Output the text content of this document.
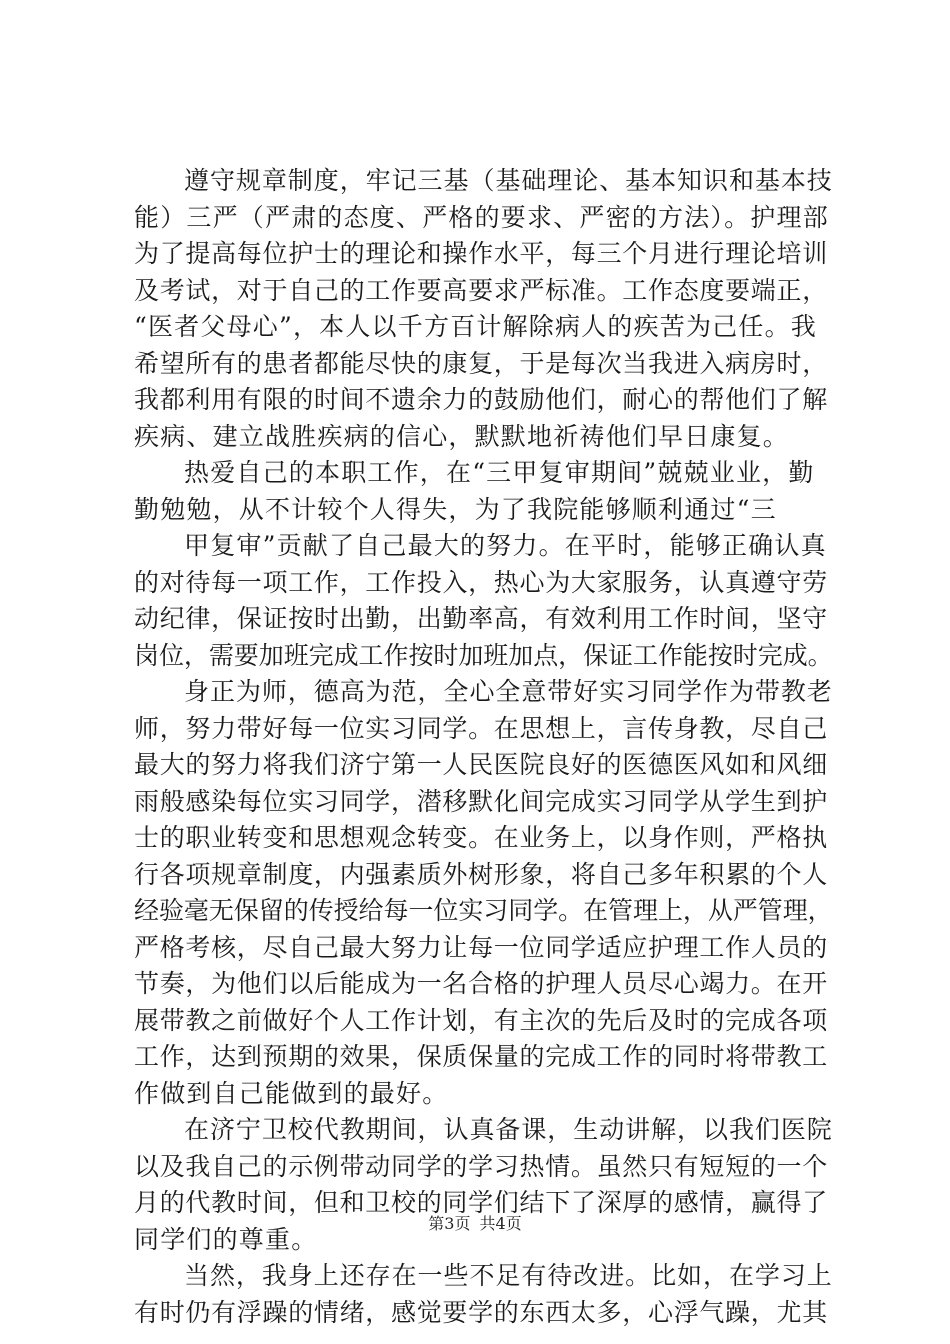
遵守规章制度，牢记三基（基础理论、基本知识和基本技
能）三严（严肃的态度、严格的要求、严密的方法）。护理部
为了提高每位护士的理论和操作水平，每三个月进行理论培训
及考试，对于自己的工作要高要求严标准。工作态度要端正，
“医者父母心”，本人以千方百计解除病人的疾苦为己任。我
希望所有的患者都能尽快的康复，于是每次当我进入病房时，
我都利用有限的时间不遗余力的鼓励他们，耐心的帮他们了解
疾病、建立战胜疾病的信心，默默地祈祷他们早日康复。
热爱自己的本职工作，在“三甲复审期间”兢兢业业，勤
勤勉勉，从不计较个人得失，为了我院能够顺利通过“三
甲复审”贡献了自己最大的努力。在平时，能够正确认真
的对待每一项工作，工作投入，热心为大家服务，认真遵守劳
动纪律，保证按时出勤，出勤率高，有效利用工作时间，坚守
岗位，需要加班完成工作按时加班加点，保证工作能按时完成。
身正为师，德高为范，全心全意带好实习同学作为带教老
师，努力带好每一位实习同学。在思想上，言传身教，尽自己
最大的努力将我们济宁第一人民医院良好的医德医风如和风细
雨般感染每位实习同学，潜移默化间完成实习同学从学生到护
士的职业转变和思想观念转变。在业务上，以身作则，严格执
行各项规章制度，内强素质外树形象，将自己多年积累的个人
经验毫无保留的传授给每一位实习同学。在管理上，从严管理，
严格考核，尽自己最大努力让每一位同学适应护理工作人员的
节奏，为他们以后能成为一名合格的护理人员尽心竭力。在开
展带教之前做好个人工作计划，有主次的先后及时的完成各项
工作，达到预期的效果，保质保量的完成工作的同时将带教工
作做到自己能做到的最好。
在济宁卫校代教期间，认真备课，生动讲解，以我们医院
以及我自己的示例带动同学的学习热情。虽然只有短短的一个
月的代教时间，但和卫校的同学们结下了深厚的感情，赢得了
同学们的尊重。
当然，我身上还存在一些不足有待改进。比如，在学习上
有时仍有浮躁的情绪，感觉要学的东西太多，心浮气躁，尤其
第3页 共4页
